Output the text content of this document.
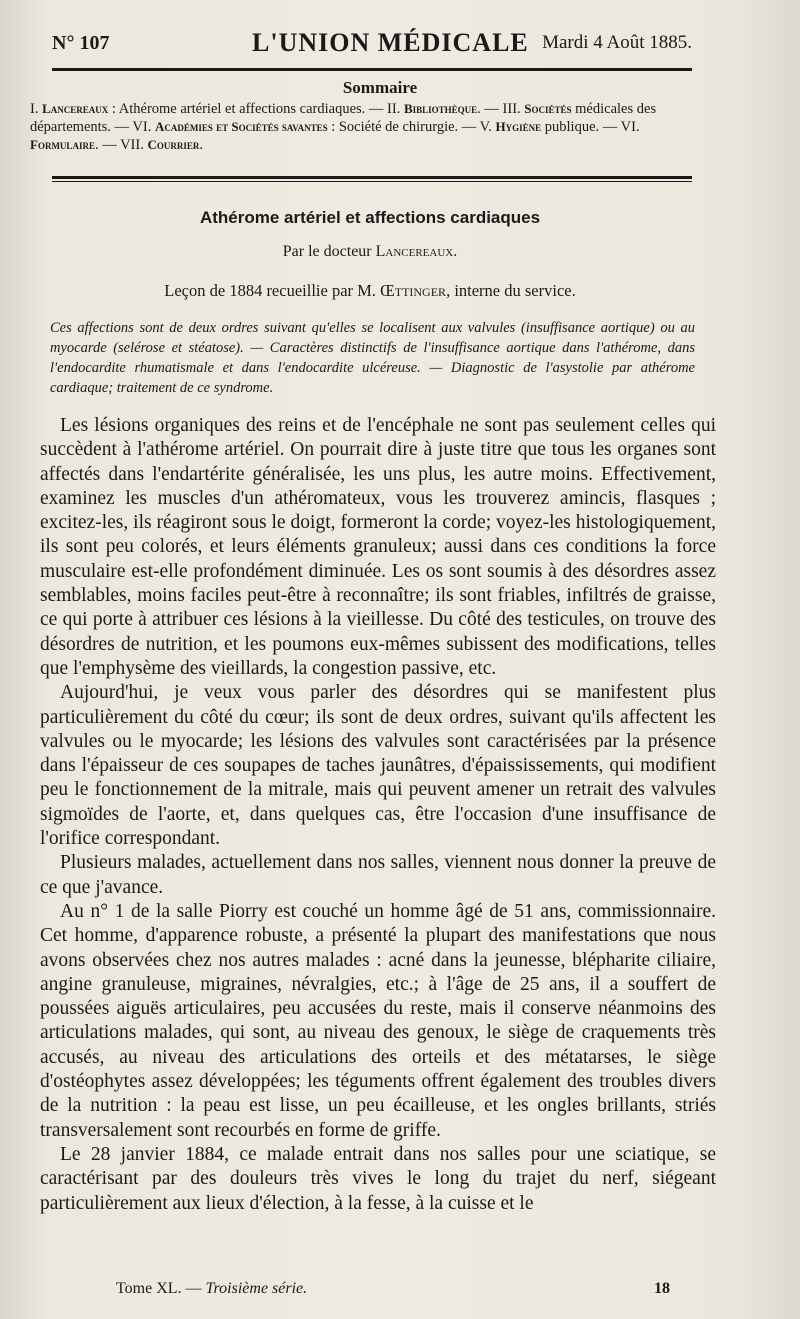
N° 107	L'UNION MÉDICALE Mardi 4 Août 1885.
Sommaire
I. Lancereaux : Athérome artériel et affections cardiaques. — II. Bibliothèque. — III. Sociétés médicales des départements. — VI. Académies et Sociétés savantes : Société de chirurgie. — V. Hygiène publique. — VI. Formulaire. — VII. Courrier.
Athérome artériel et affections cardiaques
Par le docteur Lancereaux.
Leçon de 1884 recueillie par M. Œttinger, interne du service.
Ces affections sont de deux ordres suivant qu'elles se localisent aux valvules (insuffisance aortique) ou au myocarde (selérose et stéatose). — Caractères distinctifs de l'insuffisance aortique dans l'athérome, dans l'endocardite rhumatismale et dans l'endocardite ulcéreuse. — Diagnostic de l'asystolie par athérome cardiaque; traitement de ce syndrome.

Les lésions organiques des reins et de l'encéphale ne sont pas seulement celles qui succèdent à l'athérome artériel. On pourrait dire à juste titre que tous les organes sont affectés dans l'endartérite généralisée, les uns plus, les autre moins. Effectivement, examinez les muscles d'un athéromateux, vous les trouverez amincis, flasques ; excitez-les, ils réagiront sous le doigt, formeront la corde; voyez-les histologiquement, ils sont peu colorés, et leurs éléments granuleux; aussi dans ces conditions la force musculaire est-elle profondément diminuée. Les os sont soumis à des désordres assez semblables, moins faciles peut-être à reconnaître; ils sont friables, infiltrés de graisse, ce qui porte à attribuer ces lésions à la vieillesse. Du côté des testicules, on trouve des désordres de nutrition, et les poumons eux-mêmes subissent des modifications, telles que l'emphysème des vieillards, la congestion passive, etc.

Aujourd'hui, je veux vous parler des désordres qui se manifestent plus particulièrement du côté du cœur; ils sont de deux ordres, suivant qu'ils affectent les valvules ou le myocarde; les lésions des valvules sont caractérisées par la présence dans l'épaisseur de ces soupapes de taches jaunâtres, d'épaississements, qui modifient peu le fonctionnement de la mitrale, mais qui peuvent amener un retrait des valvules sigmoïdes de l'aorte, et, dans quelques cas, être l'occasion d'une insuffisance de l'orifice correspondant.

Plusieurs malades, actuellement dans nos salles, viennent nous donner la preuve de ce que j'avance.

Au n° 1 de la salle Piorry est couché un homme âgé de 51 ans, commissionnaire. Cet homme, d'apparence robuste, a présenté la plupart des manifestations que nous avons observées chez nos autres malades : acné dans la jeunesse, blépharite ciliaire, angine granuleuse, migraines, névralgies, etc.; à l'âge de 25 ans, il a souffert de poussées aiguës articulaires, peu accusées du reste, mais il conserve néanmoins des articulations malades, qui sont, au niveau des genoux, le siège de craquements très accusés, au niveau des articulations des orteils et des métatarses, le siège d'ostéophytes assez développées; les téguments offrent également des troubles divers de la nutrition : la peau est lisse, un peu écailleuse, et les ongles brillants, striés transversalement sont recourbés en forme de griffe.

Le 28 janvier 1884, ce malade entrait dans nos salles pour une sciatique, se caractérisant par des douleurs très vives le long du trajet du nerf, siégeant particulièrement aux lieux d'élection, à la fesse, à la cuisse et le

Tome XL. — Troisième série.	18
